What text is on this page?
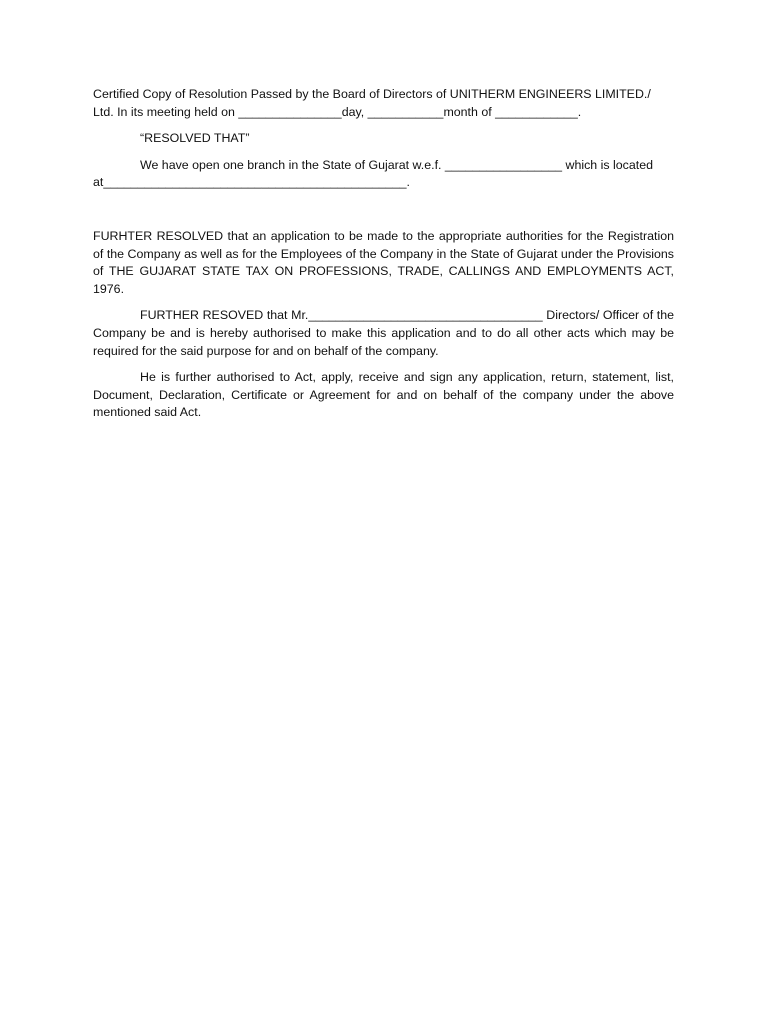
Certified Copy of Resolution Passed by the Board of Directors of UNITHERM ENGINEERS LIMITED./ Ltd. In its meeting held on _______________day, ___________month of ____________.

“RESOLVED THAT”

We have open one branch in the State of Gujarat w.e.f. _________________ which is located at____________________________________________.

FURHTER RESOLVED that an application to be made to the appropriate authorities for the Registration of the Company as well as for the Employees of the Company in the State of Gujarat under the Provisions of THE GUJARAT STATE TAX ON PROFESSIONS, TRADE, CALLINGS AND EMPLOYMENTS ACT, 1976.

FURTHER RESOVED that Mr.__________________________________ Directors/ Officer of the Company be and is hereby authorised to make this application and to do all other acts which may be required for the said purpose for and on behalf of the company.

He is further authorised to Act, apply, receive and sign any application, return, statement, list, Document, Declaration, Certificate or Agreement for and on behalf of the company under the above mentioned said Act.
